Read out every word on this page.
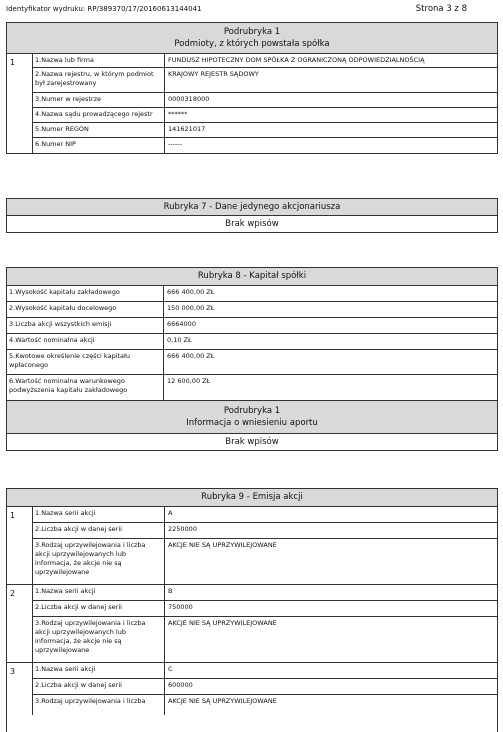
Identyfikator wydruku: RP/389370/17/20160613144041	Strona 3 z 8
Podrubryka 1
Podmioty, z których powstała spółka
1	1.Nazwa lub firma	FUNDUSZ HIPOTECZNY DOM SPÓŁKA Z OGRANICZONĄ ODPOWIEDZIALNOŚCIĄ
2.Nazwa rejestru, w którym podmiot był zarejestrowany
KRAJOWY REJESTR SĄDOWY
3.Numer w rejestrze	0000318000
4.Nazwa sądu prowadzącego rejestr	******
5.Numer REGON	141621017
6.Numer NIP	------
Rubryka 7 - Dane jedynego akcjonariusza
Brak wpisów
Rubryka 8 - Kapitał spółki
1.Wysokość kapitału zakładowego	666 400,00 ZŁ
2.Wysokość kapitału docelowego	150 000,00 ZŁ
3.Liczba akcji wszystkich emisji	6664000
4.Wartość nominalna akcji	0,10 ZŁ
5.Kwotowe określenie części kapitału wpłaconego
666 400,00 ZŁ
6.Wartość nominalna warunkowego podwyższenia kapitału zakładowego
12 600,00 ZŁ
Podrubryka 1
Informacja o wniesieniu aportu
Brak wpisów
Rubryka 9 - Emisja akcji
1	1.Nazwa serii akcji	A
2.Liczba akcji w danej serii	2250000
3.Rodzaj uprzywilejowania i liczba akcji uprzywilejowanych lub informacja, że akcje nie są uprzywilejowane
AKCJE NIE SĄ UPRZYWILEJOWANE
2	1.Nazwa serii akcji	B
2.Liczba akcji w danej serii	750000
3.Rodzaj uprzywilejowania i liczba akcji uprzywilejowanych lub informacja, że akcje nie są uprzywilejowane
AKCJE NIE SĄ UPRZYWILEJOWANE
3	1.Nazwa serii akcji	C
2.Liczba akcji w danej serii	600000
3.Rodzaj uprzywilejowania i liczba	AKCJE NIE SĄ UPRZYWILEJOWANE
